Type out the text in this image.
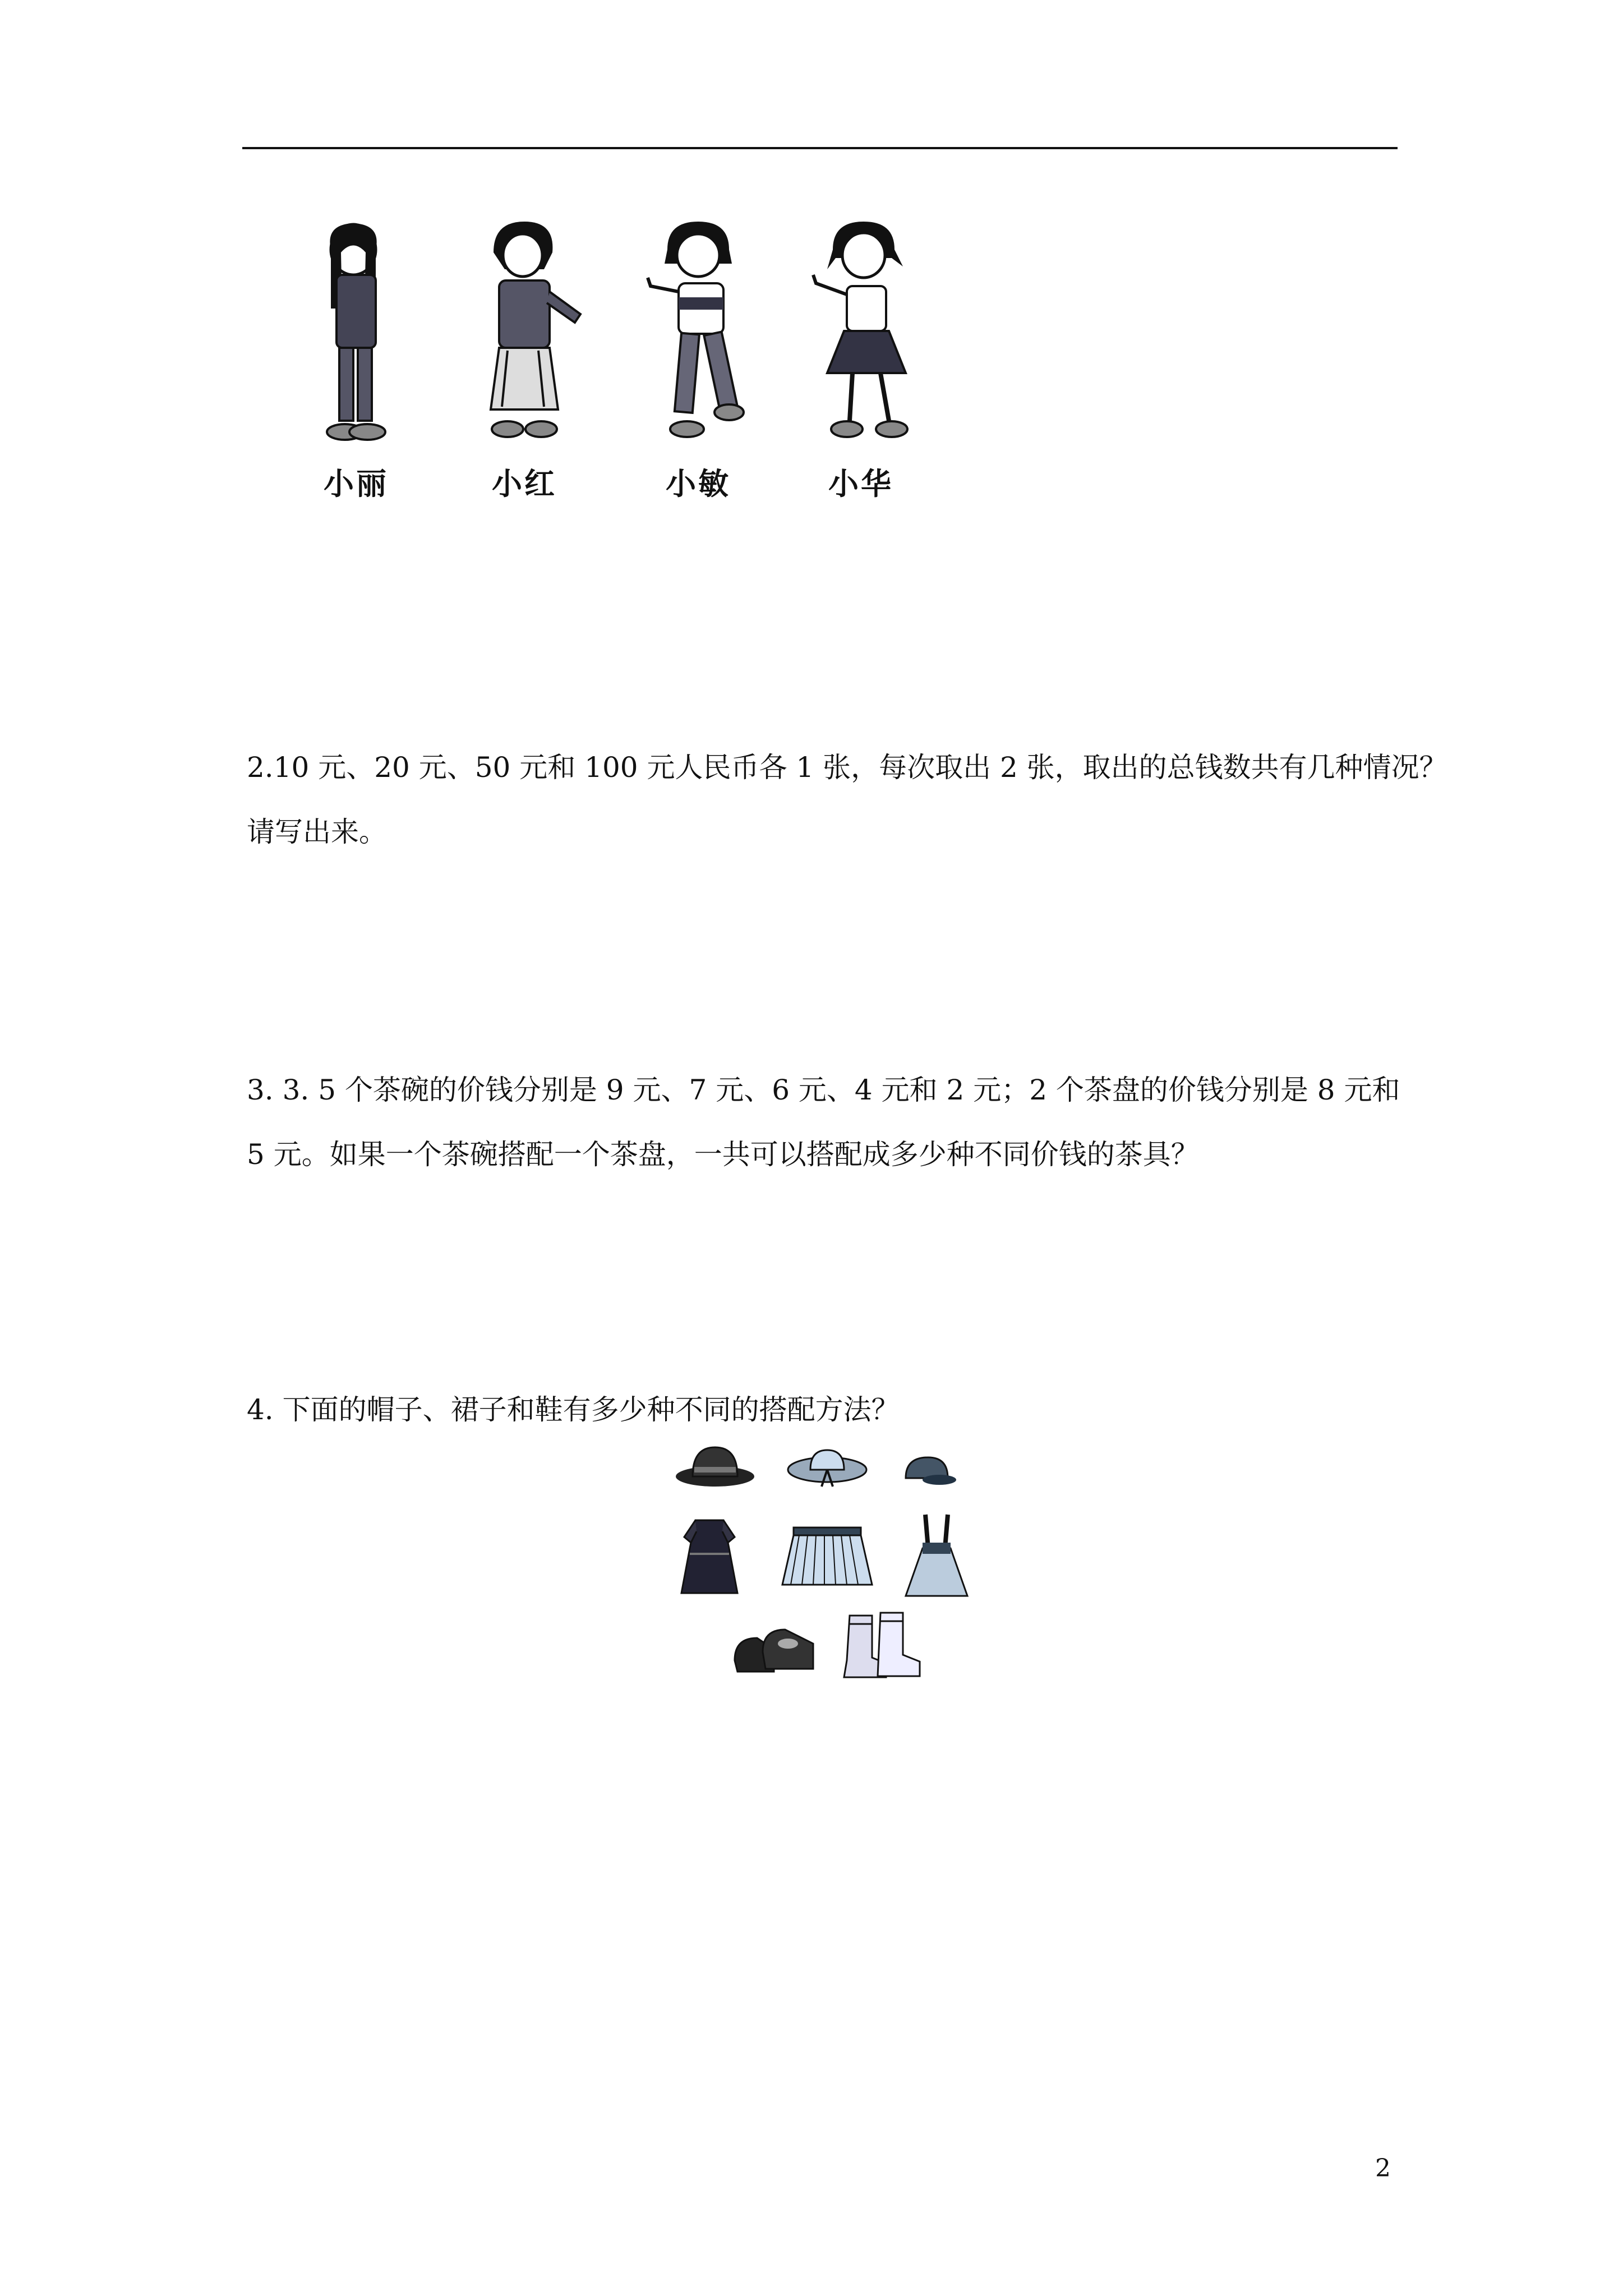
小丽	小红	小敏	小华
2.10 元、20 元、50 元和 100 元人民币各 1 张，每次取出 2 张，取出的总钱数共有几种情况？
请写出来。
3. 3. 5 个茶碗的价钱分别是 9 元、7 元、6 元、4 元和 2 元；2 个茶盘的价钱分别是 8 元和
5 元。如果一个茶碗搭配一个茶盘，一共可以搭配成多少种不同价钱的茶具？
4. 下面的帽子、裙子和鞋有多少种不同的搭配方法？
2
